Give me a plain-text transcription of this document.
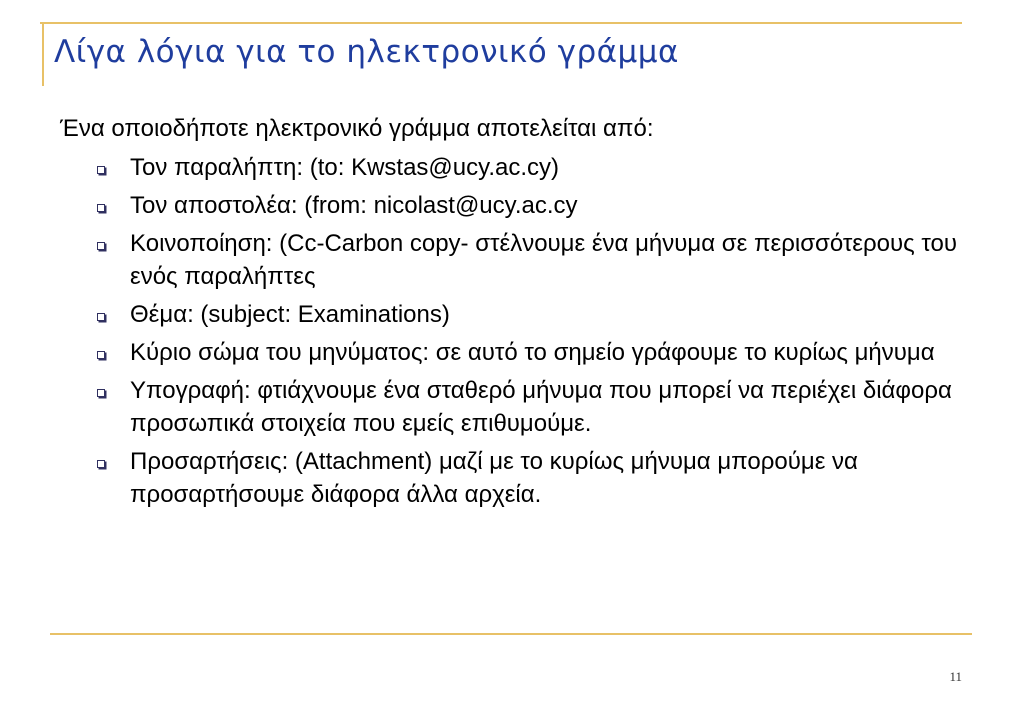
Λίγα λόγια για το ηλεκτρονικό γράμμα

Ένα οποιοδήποτε ηλεκτρονικό γράμμα αποτελείται από:

Τον παραλήπτη: (to: Kwstas@ucy.ac.cy)
Τον αποστολέα: (from: nicolast@ucy.ac.cy
Κοινοποίηση: (Cc-Carbon copy- στέλνουμε ένα μήνυμα σε περισσότερους του ενός παραλήπτες
Θέμα: (subject: Examinations)
Κύριο σώμα του μηνύματος: σε αυτό το σημείο γράφουμε το κυρίως μήνυμα
Υπογραφή: φτιάχνουμε ένα σταθερό μήνυμα που μπορεί να περιέχει διάφορα προσωπικά στοιχεία που εμείς επιθυμούμε.
Προσαρτήσεις: (Attachment) μαζί με το κυρίως μήνυμα μπορούμε να προσαρτήσουμε διάφορα άλλα αρχεία.
11
